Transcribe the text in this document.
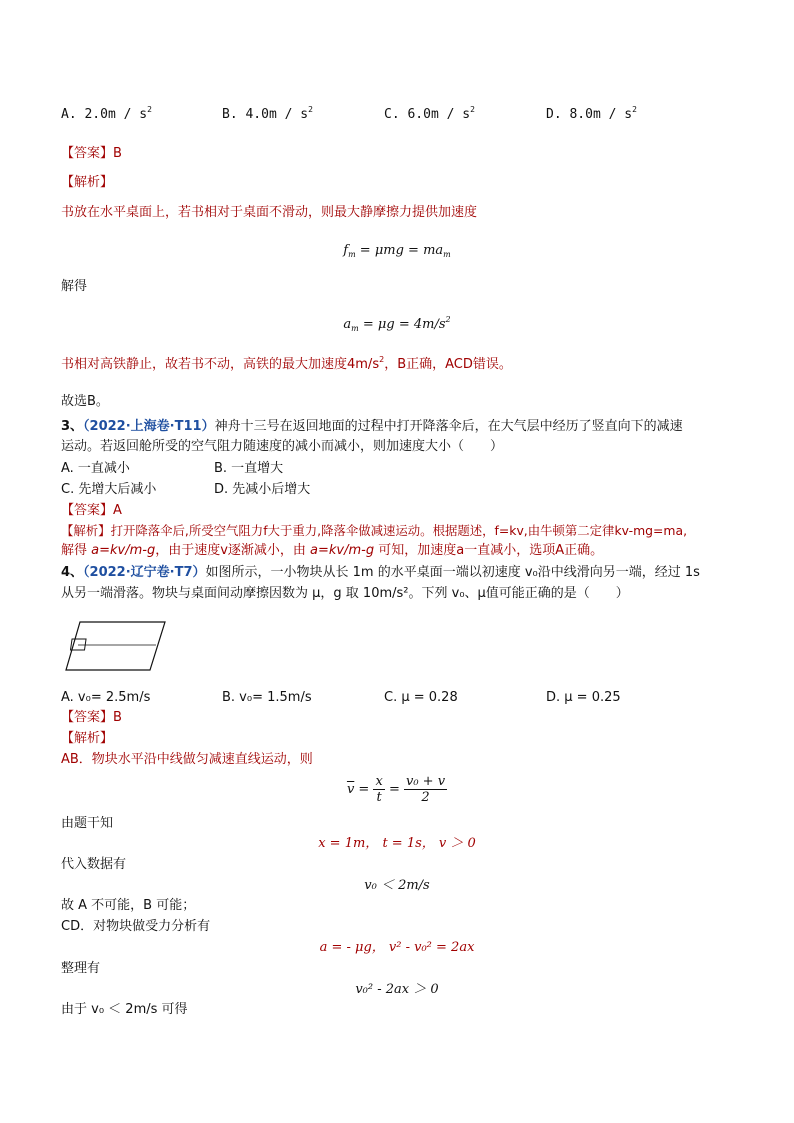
A. $2.0m / s^2$	B. $4.0m / s^2$	C. $6.0m / s^2$	D. $8.0m / s^2$
【答案】B
【解析】
书放在水平桌面上，若书相对于桌面不滑动，则最大静摩擦力提供加速度
$f_m = \mu mg = ma_m$
解得
$a_m = \mu g = 4m/s^2$
书相对高铁静止，故若书不动，高铁的最大加速度$4m/s^2$，B正确，ACD错误。
故选B。
3、（2022·上海卷·T11）神舟十三号在返回地面的过程中打开降落伞后，在大气层中经历了竖直向下的减速
运动。若返回舱所受的空气阻力随速度的减小而减小，则加速度大小（　　）
A. 一直减小	B. 一直增大
C. 先增大后减小	D. 先减小后增大
【答案】A
【解析】打开降落伞后,所受空气阻力f大于重力,降落伞做减速运动。根据题述，f=kv,由牛顿第二定律kv-mg=ma,
解得 a=kv/m-g，由于速度v逐渐减小，由 a=kv/m-g 可知，加速度a一直减小，选项A正确。
4、（2022·辽宁卷·T7）如图所示，一小物块从长 1m 的水平桌面一端以初速度 v₀沿中线滑向另一端，经过 1s
从另一端滑落。物块与桌面间动摩擦因数为 μ，g 取 10m/s²。下列 v₀、μ值可能正确的是（　　）
A. v₀= 2.5m/s	B. v₀= 1.5m/s	C. μ = 0.28	D. μ = 0.25
【答案】B
【解析】
AB．物块水平沿中线做匀减速直线运动，则
$\overline{v} = \frac{x}{t} = \frac{\text{v₀ + v}}{2}$
由题干知
x = 1m， t = 1s， v ＞ 0
代入数据有
v₀ ＜ 2m/s
故 A 不可能，B 可能；
CD．对物块做受力分析有
a = - μg， v² - v₀² = 2ax
整理有
v₀² - 2ax ＞ 0
由于 v₀ ＜ 2m/s 可得
